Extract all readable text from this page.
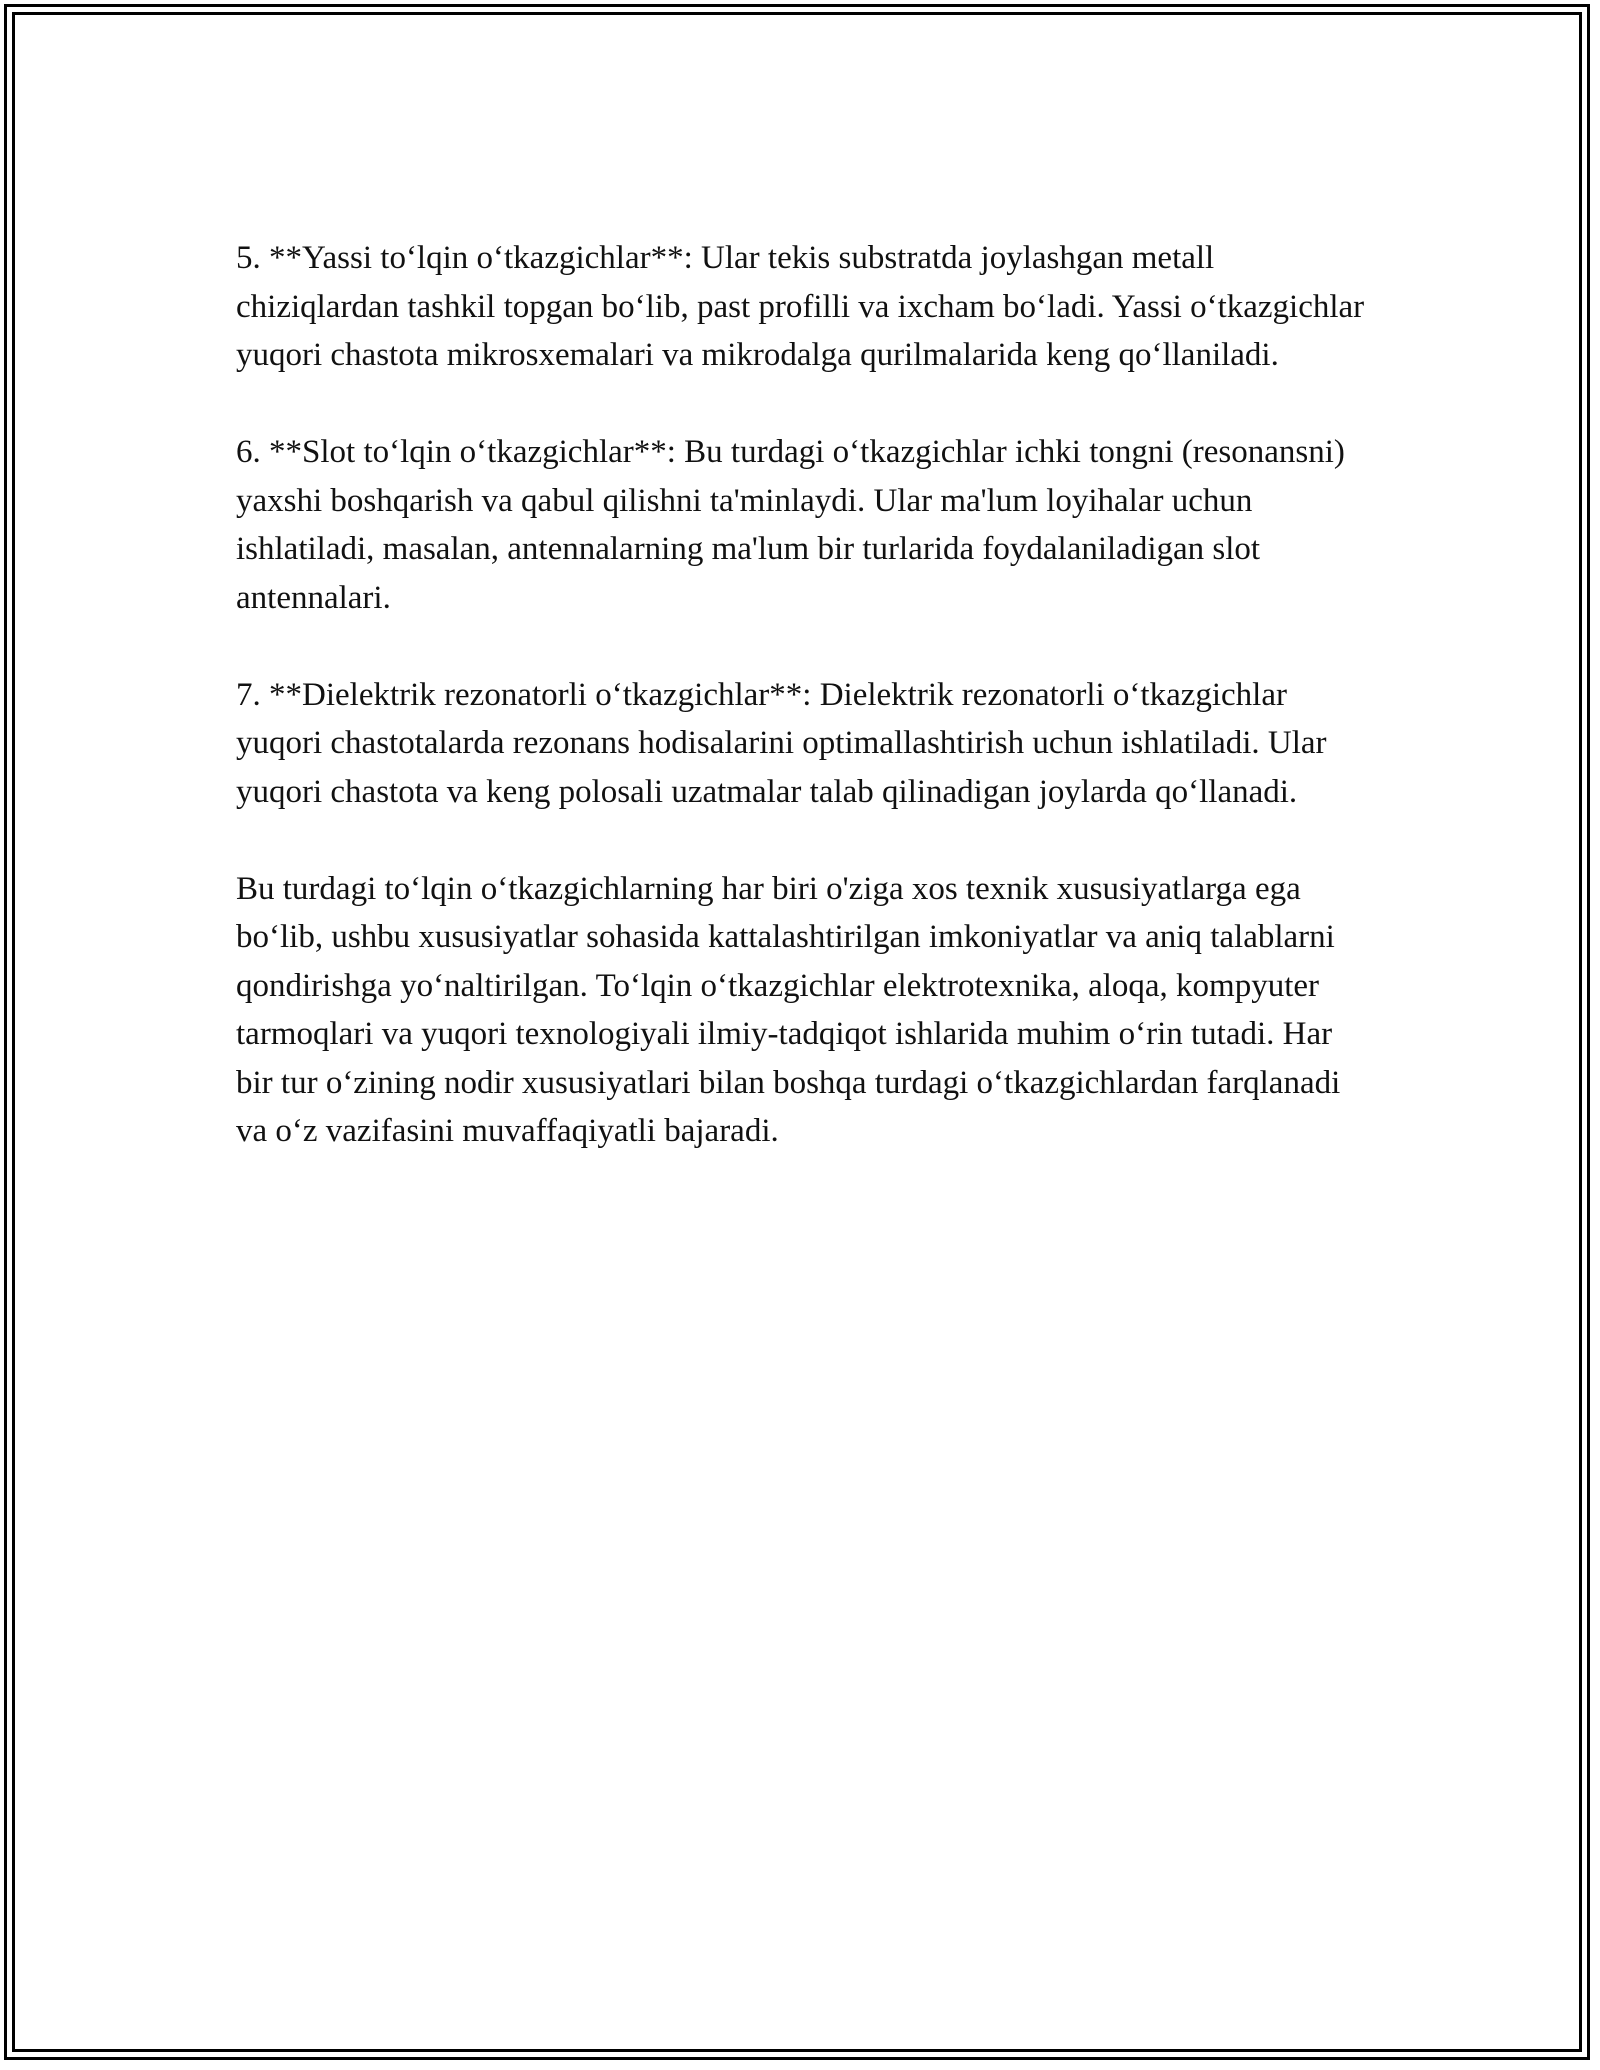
5. **Yassi to‘lqin o‘tkazgichlar**: Ular tekis substratda joylashgan metall chiziqlardan tashkil topgan bo‘lib, past profilli va ixcham bo‘ladi. Yassi o‘tkazgichlar yuqori chastota mikrosxemalari va mikrodalga qurilmalarida keng qo‘llaniladi.

6. **Slot to‘lqin o‘tkazgichlar**: Bu turdagi o‘tkazgichlar ichki tongni (resonansni) yaxshi boshqarish va qabul qilishni ta'minlaydi. Ular ma'lum loyihalar uchun ishlatiladi, masalan, antennalarning ma'lum bir turlarida foydalaniladigan slot antennalari.

7. **Dielektrik rezonatorli o‘tkazgichlar**: Dielektrik rezonatorli o‘tkazgichlar yuqori chastotalarda rezonans hodisalarini optimallashtirish uchun ishlatiladi. Ular yuqori chastota va keng polosali uzatmalar talab qilinadigan joylarda qo‘llanadi.

Bu turdagi to‘lqin o‘tkazgichlarning har biri o'ziga xos texnik xususiyatlarga ega bo‘lib, ushbu xususiyatlar sohasida kattalashtirilgan imkoniyatlar va aniq talablarni qondirishga yo‘naltirilgan. To‘lqin o‘tkazgichlar elektrotexnika, aloqa, kompyuter tarmoqlari va yuqori texnologiyali ilmiy-tadqiqot ishlarida muhim o‘rin tutadi. Har bir tur o‘zining nodir xususiyatlari bilan boshqa turdagi o‘tkazgichlardan farqlanadi va o‘z vazifasini muvaffaqiyatli bajaradi.
